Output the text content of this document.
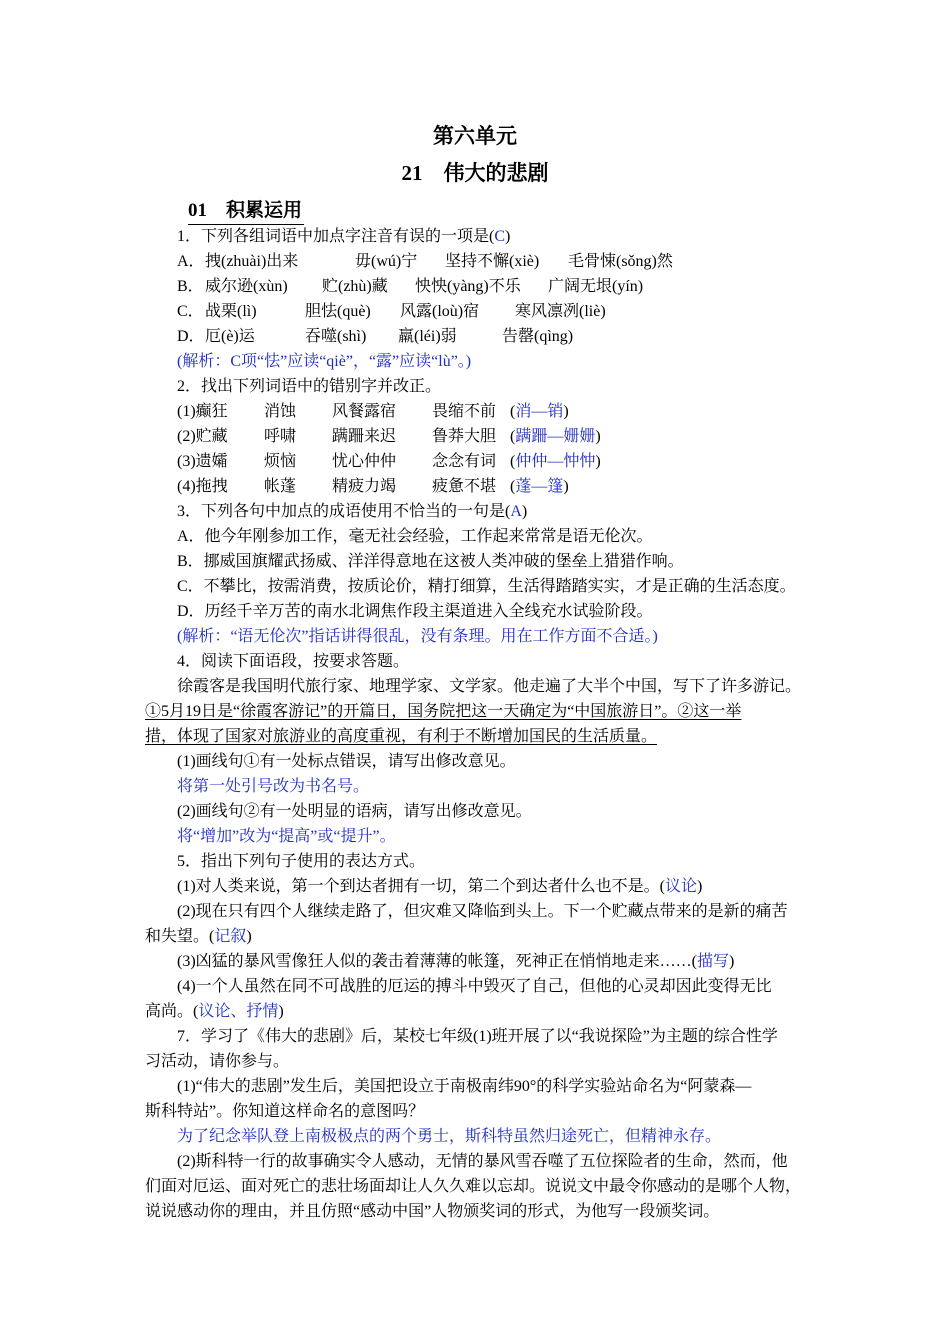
第六单元
21　伟大的悲剧
01　积累运用
1．下列各组词语中加点字注音有误的一项是(C)
A． 拽(zhuài)出来	毋(wú)宁	坚持不懈(xiè)	毛骨悚(sǒng)然
B． 威尔逊(xùn)	贮(zhù)藏	怏怏(yàng)不乐	广阔无垠(yín)
C． 战栗(lì)	胆怯(què)	风露(loù)宿	寒风凛冽(liè)
D． 厄(è)运	吞噬(shì)	羸(léi)弱	告罄(qìng)
(解析：C项“怯”应读“qiè”，“露”应读“lù”。)
2．找出下列词语中的错别字并改正。
(1)癫狂	消蚀	风餐露宿	畏缩不前 (消—销)
(2)贮藏	呼啸	蹒跚来迟	鲁莽大胆 (蹒跚—姗姗)
(3)遗孀	烦恼	忧心仲仲	念念有词 (仲仲—忡忡)
(4)拖拽	帐蓬	精疲力竭	疲惫不堪 (蓬—篷)
3．下列各句中加点的成语使用不恰当的一句是(A)
A．他今年刚参加工作，毫无社会经验，工作起来常常是语无伦次。
B．挪威国旗耀武扬威、洋洋得意地在这被人类冲破的堡垒上猎猎作响。
C．不攀比，按需消费，按质论价，精打细算，生活得踏踏实实，才是正确的生活态度。
D．历经千辛万苦的南水北调焦作段主渠道进入全线充水试验阶段。
(解析：“语无伦次”指话讲得很乱，没有条理。用在工作方面不合适。)
4．阅读下面语段，按要求答题。
徐霞客是我国明代旅行家、地理学家、文学家。他走遍了大半个中国，写下了许多游记。
①5月19日是“徐霞客游记”的开篇日，国务院把这一天确定为“中国旅游日”。②这一举
措，体现了国家对旅游业的高度重视，有利于不断增加国民的生活质量。
(1)画线句①有一处标点错误，请写出修改意见。
将第一处引号改为书名号。
(2)画线句②有一处明显的语病，请写出修改意见。
将“增加”改为“提高”或“提升”。
5．指出下列句子使用的表达方式。
(1)对人类来说，第一个到达者拥有一切，第二个到达者什么也不是。(议论)
(2)现在只有四个人继续走路了，但灾难又降临到头上。下一个贮藏点带来的是新的痛苦
和失望。(记叙)
(3)凶猛的暴风雪像狂人似的袭击着薄薄的帐篷，死神正在悄悄地走来……(描写)
(4)一个人虽然在同不可战胜的厄运的搏斗中毁灭了自己，但他的心灵却因此变得无比
高尚。(议论、抒情)
7．学习了《伟大的悲剧》后，某校七年级(1)班开展了以“我说探险”为主题的综合性学
习活动，请你参与。
(1)“伟大的悲剧”发生后，美国把设立于南极南纬90°的科学实验站命名为“阿蒙森—
斯科特站”。你知道这样命名的意图吗？
为了纪念举队登上南极极点的两个勇士，斯科特虽然归途死亡，但精神永存。
(2)斯科特一行的故事确实令人感动，无情的暴风雪吞噬了五位探险者的生命，然而，他
们面对厄运、面对死亡的悲壮场面却让人久久难以忘却。说说文中最令你感动的是哪个人物，
说说感动你的理由，并且仿照“感动中国”人物颁奖词的形式，为他写一段颁奖词。
